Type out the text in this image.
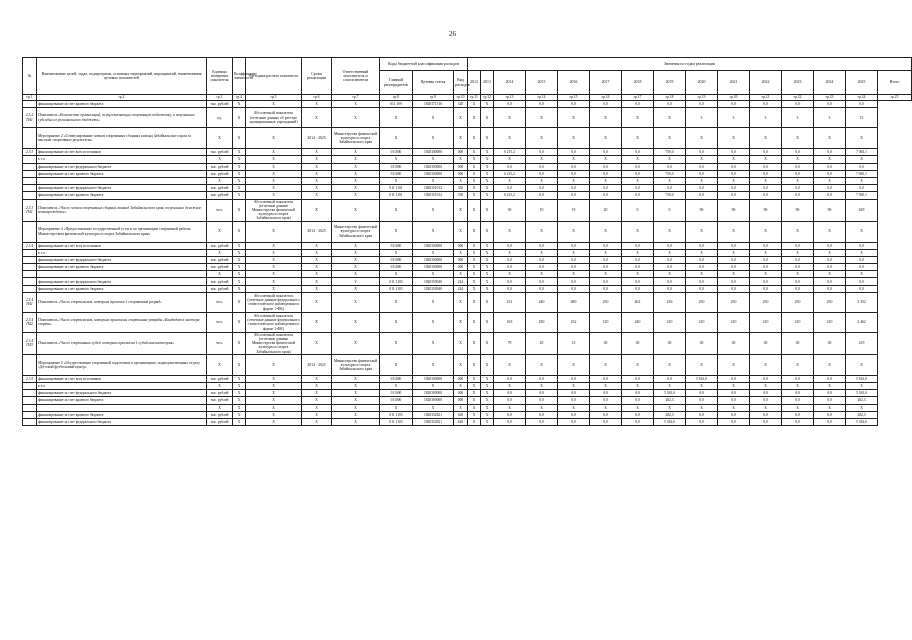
26
№	Наименование целей, задач, подпрограмм, основных мероприятий, мероприятий, наименования целевых показателей	Единица измерения показателя	Коэффициент значимости	Методика расчета показателя	Сроки реализации	Ответственный исполнитель и соисполнители	Коды бюджетной классификации расходов			Значения по годам реализации														
							Главный распорядитель	Целевая статья	Вид расходов	2012	2013	2014	2015	2016	2017	2018	2019	2020	2021	2022	2023	2024	2025	Итого
гр.1	гр.2	гр.3	гр.4	гр.5	гр.6	гр.7	гр.8	гр.9	гр.10	гр.11	гр.12	гр.13	гр.14	гр.15	гр.16	гр.17	гр.18	гр.19	гр.20	гр.21	гр.22	гр.23	гр.24	гр.25
	финансирование за счет краевого бюджета	тыс. рублей	X	X	X	X	011 109	1820371510	320	X	X	0,0	0,0	0,0	0,0	0,0	0,0	0,0	0,0	0,0	0,0	0,0	0,0	
2.3.2 П41	Показатель «Количество организаций, осуществляющих спортивную подготовку, и получивших субсидии из регионального бюджета»	ед.	X	Абсолютный показатель (отчетные данные об реестре муниципальных учреждений)	X	X	X	X	X	X	X	X	X	X	X	X	X	3	3	3	3	3	15	
	Мероприятие 2 «Стимулирование членов спортивных сборных команд Забайкальского края за высокие спортивные результаты»	X	X	X	2014 - 2025	Министерство физической культуры и спорта Забайкальского края	X	X	X	X	X	X	X	X	X	X	X	X	X	X	X	X	X	
2.3.3	финансирование за счет всех источников	тыс. рублей	X	X	X	X	011000	1820300000	000	X	X	6 215,2	0,0	0,0	0,0	0,0	750,0	0,0	0,0	0,0	0,0	0,0	7 065,1	
	в т.ч.	X	X	X	X	X	X	X	X	X	X	X	X	X	X	X	X	X	X	X	X	X	X	
	финансирование за счет федерального бюджета	тыс. рублей	X	X	X	X	011000	1820300000	000	X	X	0,0	0,0	0,0	0,0	0,0	0,0	0,0	0,0	0,0	0,0	0,0	0,0	
	финансирование за счет краевого бюджета	тыс. рублей	X	X	X	X	011000	1820300000	000	X	X	6 215,2	0,0	0,0	0,0	0,0	750,0	0,0	0,0	0,0	0,0	0,0	7 065,1	
		X	X	X	X	X	X	X	X	X	X	X	X	X	X	X	X	X	X	X	X	X	X	
	финансирование за счет федерального бюджета	тыс. рублей	X	X	X	X	011 1101	1820351012	350	X	X	0,0	0,0	0,0	0,0	0,0	0,0	0,0	0,0	0,0	0,0	0,0	0,0	
	финансирование за счет краевого бюджета	тыс. рублей	X	X	X	X	011 1101	1820351012	350	X	X	6 215,2	0,0	0,0	0,0	0,0	750,0	0,0	0,0	0,0	0,0	0,0	7 065,1	
2.3.3 П41	Показатель «Число членов спортивных сборных команд Забайкальского края, получивших денежное вознаграждение»	чел.	X	Абсолютный показатель (отчетные данные Министерства физической культуры и спорта Забайкальского края)	X	X	X	X	X	X	X	30	10	19	20	0	0	90	90	90	90	90	629	
	Мероприятие 4 «Предоставление государственной услуги по организации спортивной работы Министерством физической культуры и спорта Забайкальского края»	X	X	X	2014 - 2025	Министерство физической культуры и спорта Забайкальского края	X	X	X	X	X	X	X	X	X	X	X	X	X	X	X	X	X	
2.3.4	финансирование за счет всех источников	тыс. рублей	X	X	X	X	011000	1820300000	000	X	X	0,0	0,0	0,0	0,0	0,0	0,0	0,0	0,0	0,0	0,0	0,0	0,0	
	в т.ч.	X	X	X	X	X	X	X	X	X	X	X	X	X	X	X	X	X	X	X	X	X	X	
	финансирование за счет федерального бюджета	тыс. рублей	X	X	X	X	011000	1820300000	000	X	X	0,0	0,0	0,0	0,0	0,0	0,0	0,0	0,0	0,0	0,0	0,0	0,0	
	финансирование за счет краевого бюджета	тыс. рублей	X	X	X	X	011000	1820300000	000	X	X	0,0	0,0	0,0	0,0	0,0	0,0	0,0	0,0	0,0	0,0	0,0	0,0	
		X	X	X	X	X	X	X	X	X	X	X	X	X	X	X	X	X	X	X	X	X	X	
	финансирование за счет федерального бюджета	тыс. рублей	X	X	X	Y	011 1103	1820350940	244	X	X	0,0	0,0	0,0	0,0	0,0	0,0	0,0	0,0	0,0	0,0	0,0	0,0	
	финансирование за счет краевого бюджета	тыс. рублей	X	X	X	X	011 1103	1820350940	244	X	X	0,0	0,0	0,0	0,0	0,0	0,0	0,0	0,0	0,0	0,0	0,0	0,0	
2.3.4 П41	Показатель «Число спортсменов, которым присвоен 1 спортивный разряд»	чел.	X	Абсолютный показатель (отчетные данные федерального статистического наблюдения по форме 1-ФК)	X	X	X	X	X	X	X	231	240	480	250	402	236	250	250	250	250	250	3 352	
2.3.4 П42	Показатель «Число спортсменов, которым присвоены спортивные разряды «Кандидат в мастера спорта»	чел.	X	Абсолютный показатель (отчетные данные федерального статистического наблюдения по форме 1-ФК)	X	X	X	X	X	X	X	163	180	232	120	240	210	210	210	210	210	210	2 462	
2.3.4 П43	Показатель «Число спортивных судей, которым присвоена 1 судейская категория»	чел.	X	Абсолютный показатель (отчетные данные Министерства физической культуры и спорта Забайкальского края)	X	X	X	X	X	X	X	79	45	13	30	30	30	30	30	30	30	30	419	
	Мероприятие 5 «Осуществление спортивной подготовки в организациях, подведомственных отделу «Детский футбольный центр»	X	X	X	2014 - 2025	Министерство физической культуры и спорта Забайкальского края	X	X	X	X	X	X	X	X	X	X	X	X	X	X	X	X	X	
2.3.5	финансирование за счет всех источников	тыс. рублей	X	X	X	X	011000	1820300000	000	X	X	0,0	0,0	0,0	0,0	0,0	0,0	5 643,0	0,0	0,0	0,0	0,0	5 643,0	
	в т.ч.	X	X	X	X	X	X	X	X	X	X	X	X	X	X	X	X	X	X	X	X	X	X	
	финансирование за счет федерального бюджета	тыс. рублей	X	X	X	X	011000	1820300000	000	X	X	0,0	0,0	0,0	0,0	0,0	5 363,6	0,0	0,0	0,0	0,0	0,0	5 363,6	
	финансирование за счет краевого бюджета	тыс. рублей	X	X	X	X	011000	1820300000	000	X	X	0,0	0,0	0,0	0,0	0,0	282,3	0,0	0,0	0,0	0,0	0,0	282,3	
		X	X	X	X	X	X	X	X	X	X	X	X	X	X	X	X	X	X	X	X	X	X	
	финансирование за счет краевого бюджета	тыс. рублей	X	X	X	X	011 1103	1820352821	620	X	X	0,0	0,0	0,0	0,0	0,0	282,3	0,0	0,0	0,0	0,0	0,0	282,3	
	финансирование за счет федерального бюджета	тыс. рублей	X	X	X	X	011 1103	1820352821	620	X	X	0,0	0,0	0,0	0,0	0,0	5 363,6	0,0	0,0	0,0	0,0	0,0	5 363,6	
